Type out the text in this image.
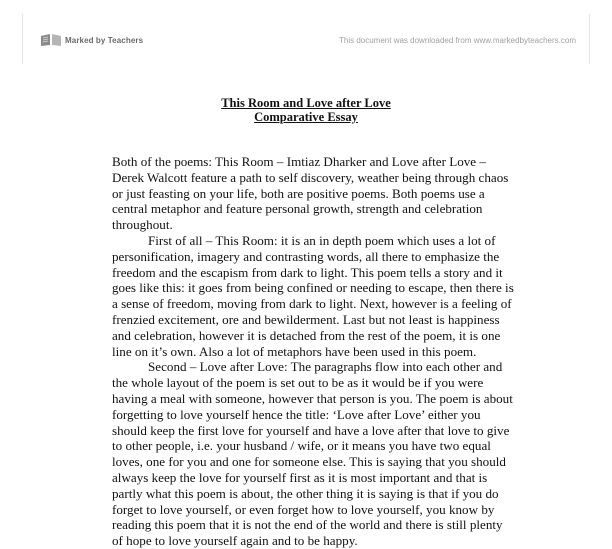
Marked by Teachers	This document was downloaded from www.markedbyteachers.com
This Room and Love after Love
Comparative Essay

Both of the poems: This Room – Imtiaz Dharker and Love after Love – Derek Walcott feature a path to self discovery, weather being through chaos or just feasting on your life, both are positive poems. Both poems use a central metaphor and feature personal growth, strength and celebration throughout.

First of all – This Room: it is an in depth poem which uses a lot of personification, imagery and contrasting words, all there to emphasize the freedom and the escapism from dark to light. This poem tells a story and it goes like this: it goes from being confined or needing to escape, then there is a sense of freedom, moving from dark to light. Next, however is a feeling of frenzied excitement, ore and bewilderment. Last but not least is happiness and celebration, however it is detached from the rest of the poem, it is one line on it’s own. Also a lot of metaphors have been used in this poem.

Second – Love after Love: The paragraphs flow into each other and the whole layout of the poem is set out to be as it would be if you were having a meal with someone, however that person is you. The poem is about forgetting to love yourself hence the title: ‘Love after Love’ either you should keep the first love for yourself and have a love after that love to give to other people, i.e. your husband / wife, or it means you have two equal loves, one for you and one for someone else. This is saying that you should always keep the love for yourself first as it is most important and that is partly what this poem is about, the other thing it is saying is that if you do forget to love yourself, or even forget how to love yourself, you know by reading this poem that it is not the end of the world and there is still plenty of hope to love yourself again and to be happy.
